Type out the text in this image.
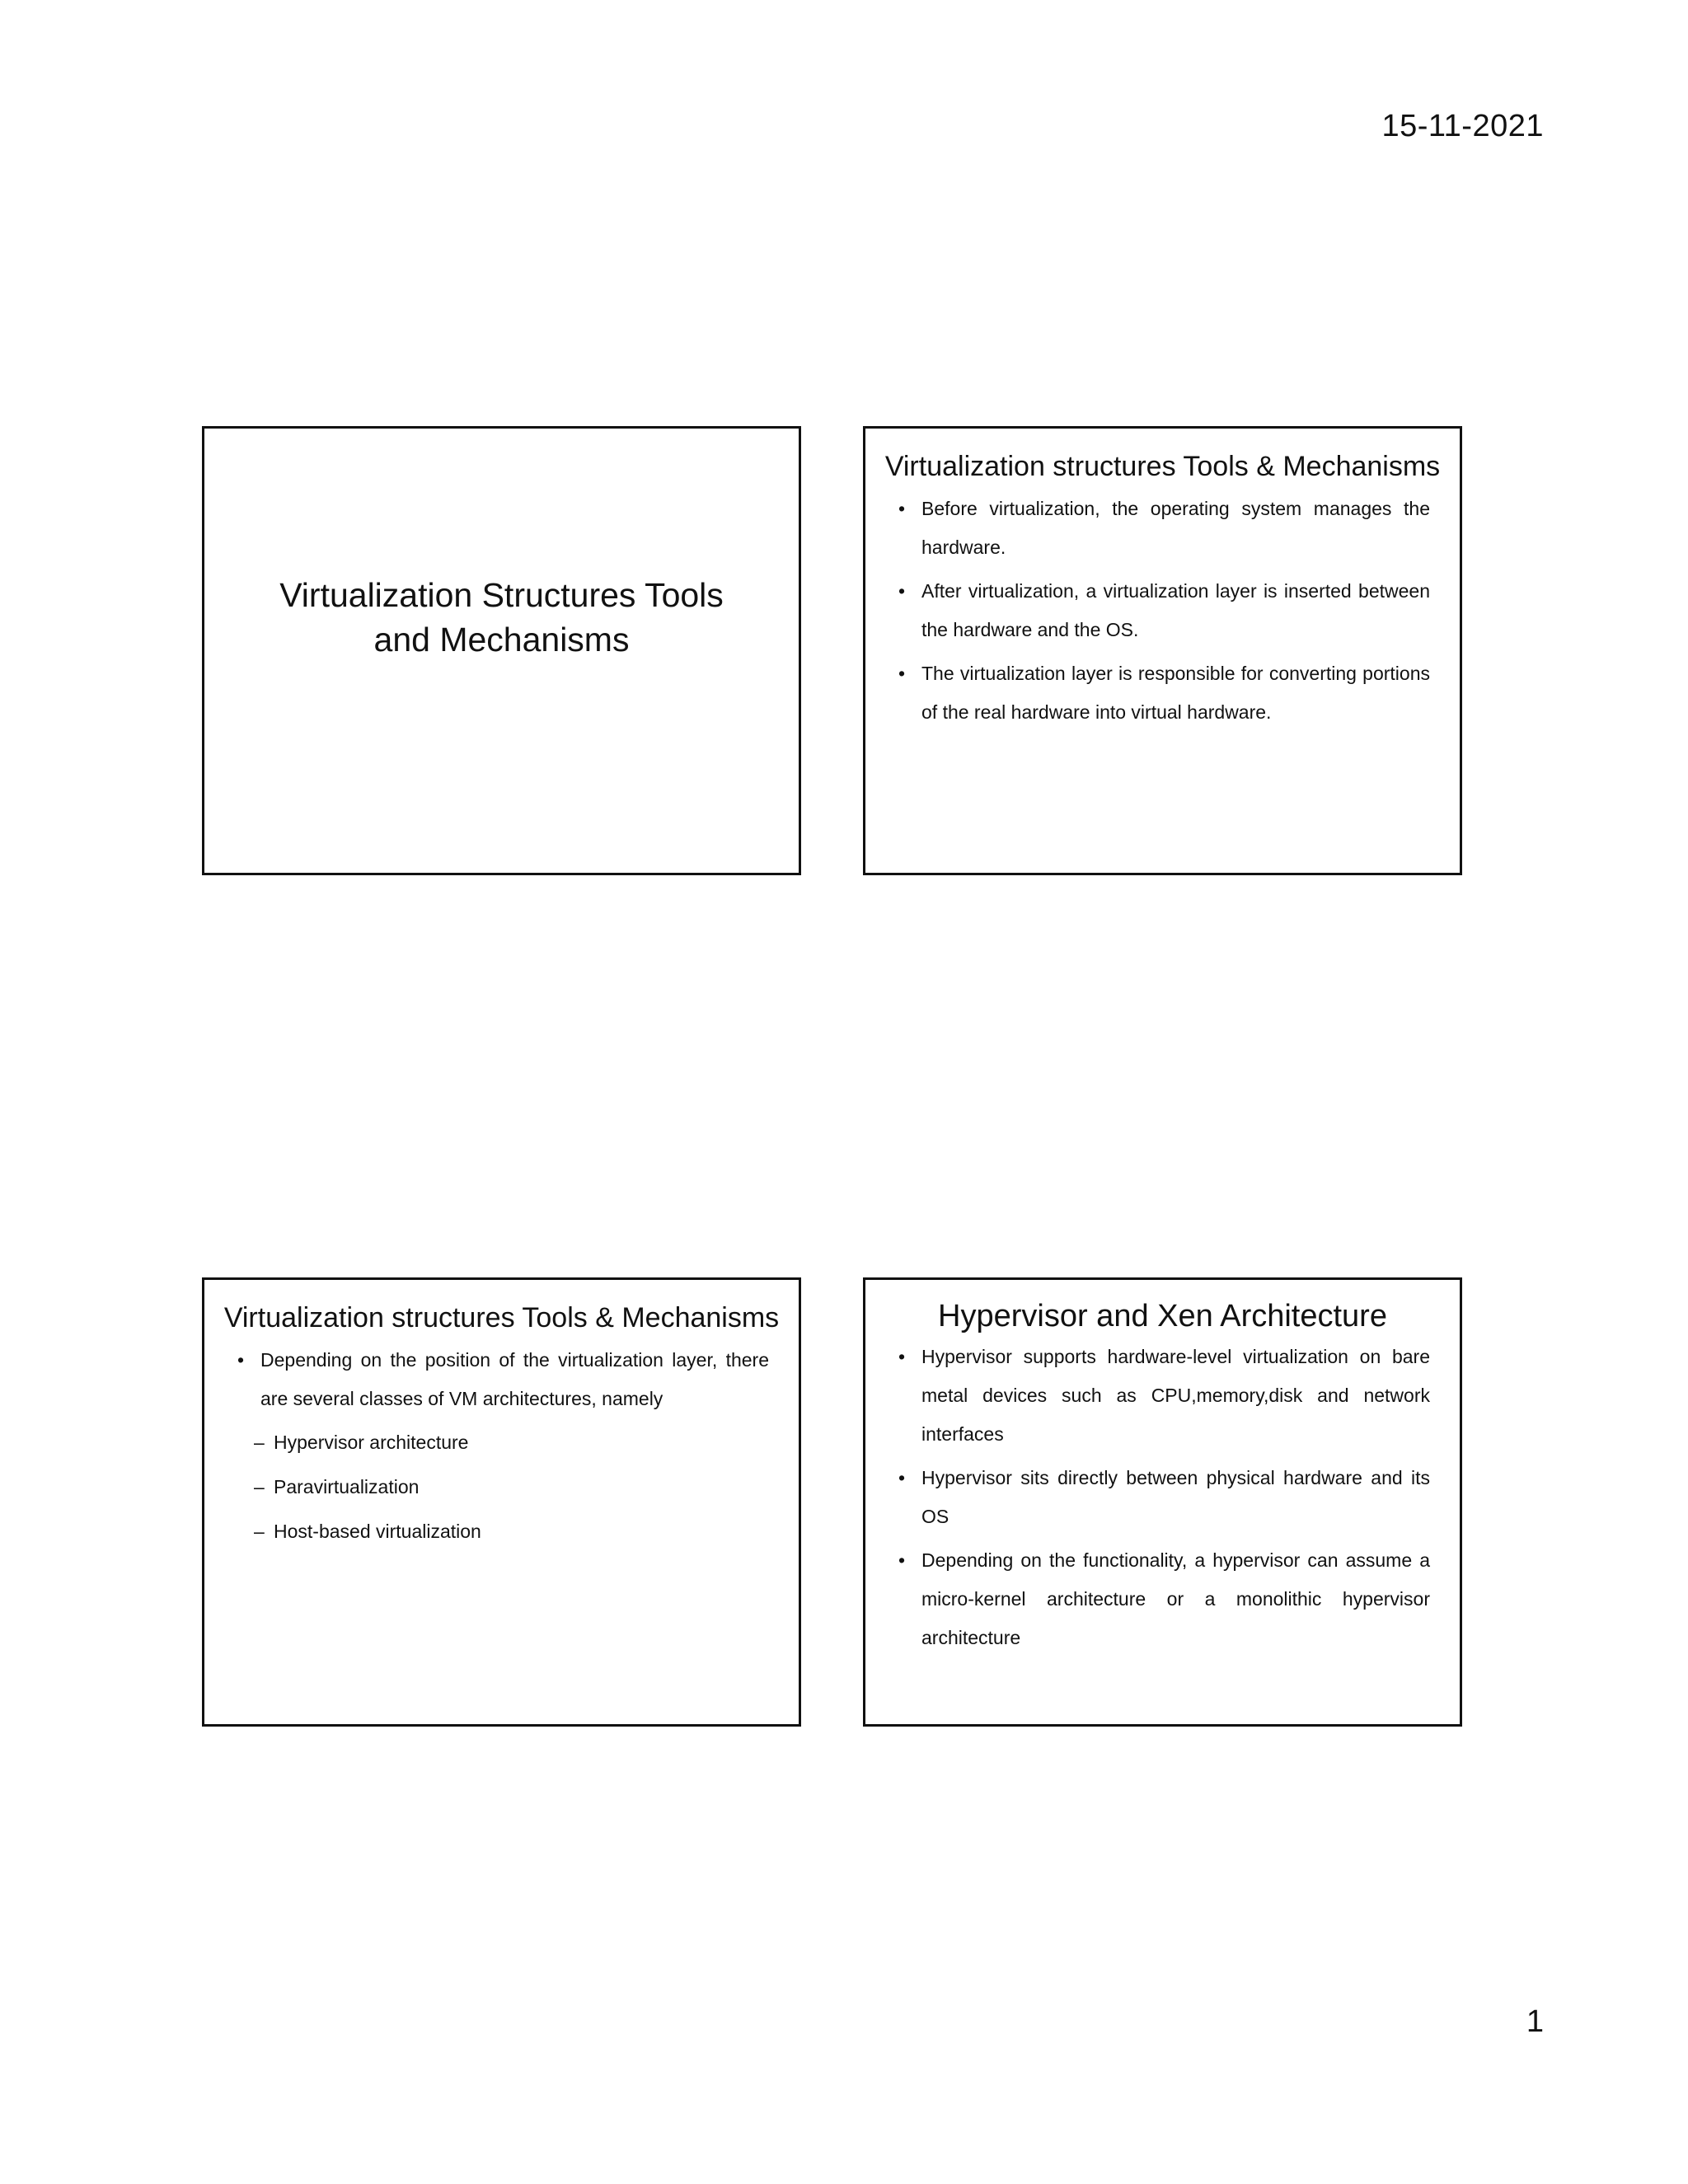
15-11-2021
Virtualization Structures Tools
and Mechanisms
Virtualization structures Tools & Mechanisms
• Before virtualization, the operating system manages the hardware.
• After virtualization, a virtualization layer is inserted between the hardware and the OS.
• The virtualization layer is responsible for converting portions of the real hardware into virtual hardware.
Virtualization structures Tools & Mechanisms
• Depending on the position of the virtualization layer, there are several classes of VM architectures, namely
– Hypervisor architecture
– Paravirtualization
– Host-based virtualization
Hypervisor and Xen Architecture
• Hypervisor supports hardware-level virtualization on bare metal devices such as CPU,memory,disk and network interfaces
• Hypervisor sits directly between physical hardware and its OS
• Depending on the functionality, a hypervisor can assume a micro-kernel architecture or a monolithic hypervisor architecture
1
